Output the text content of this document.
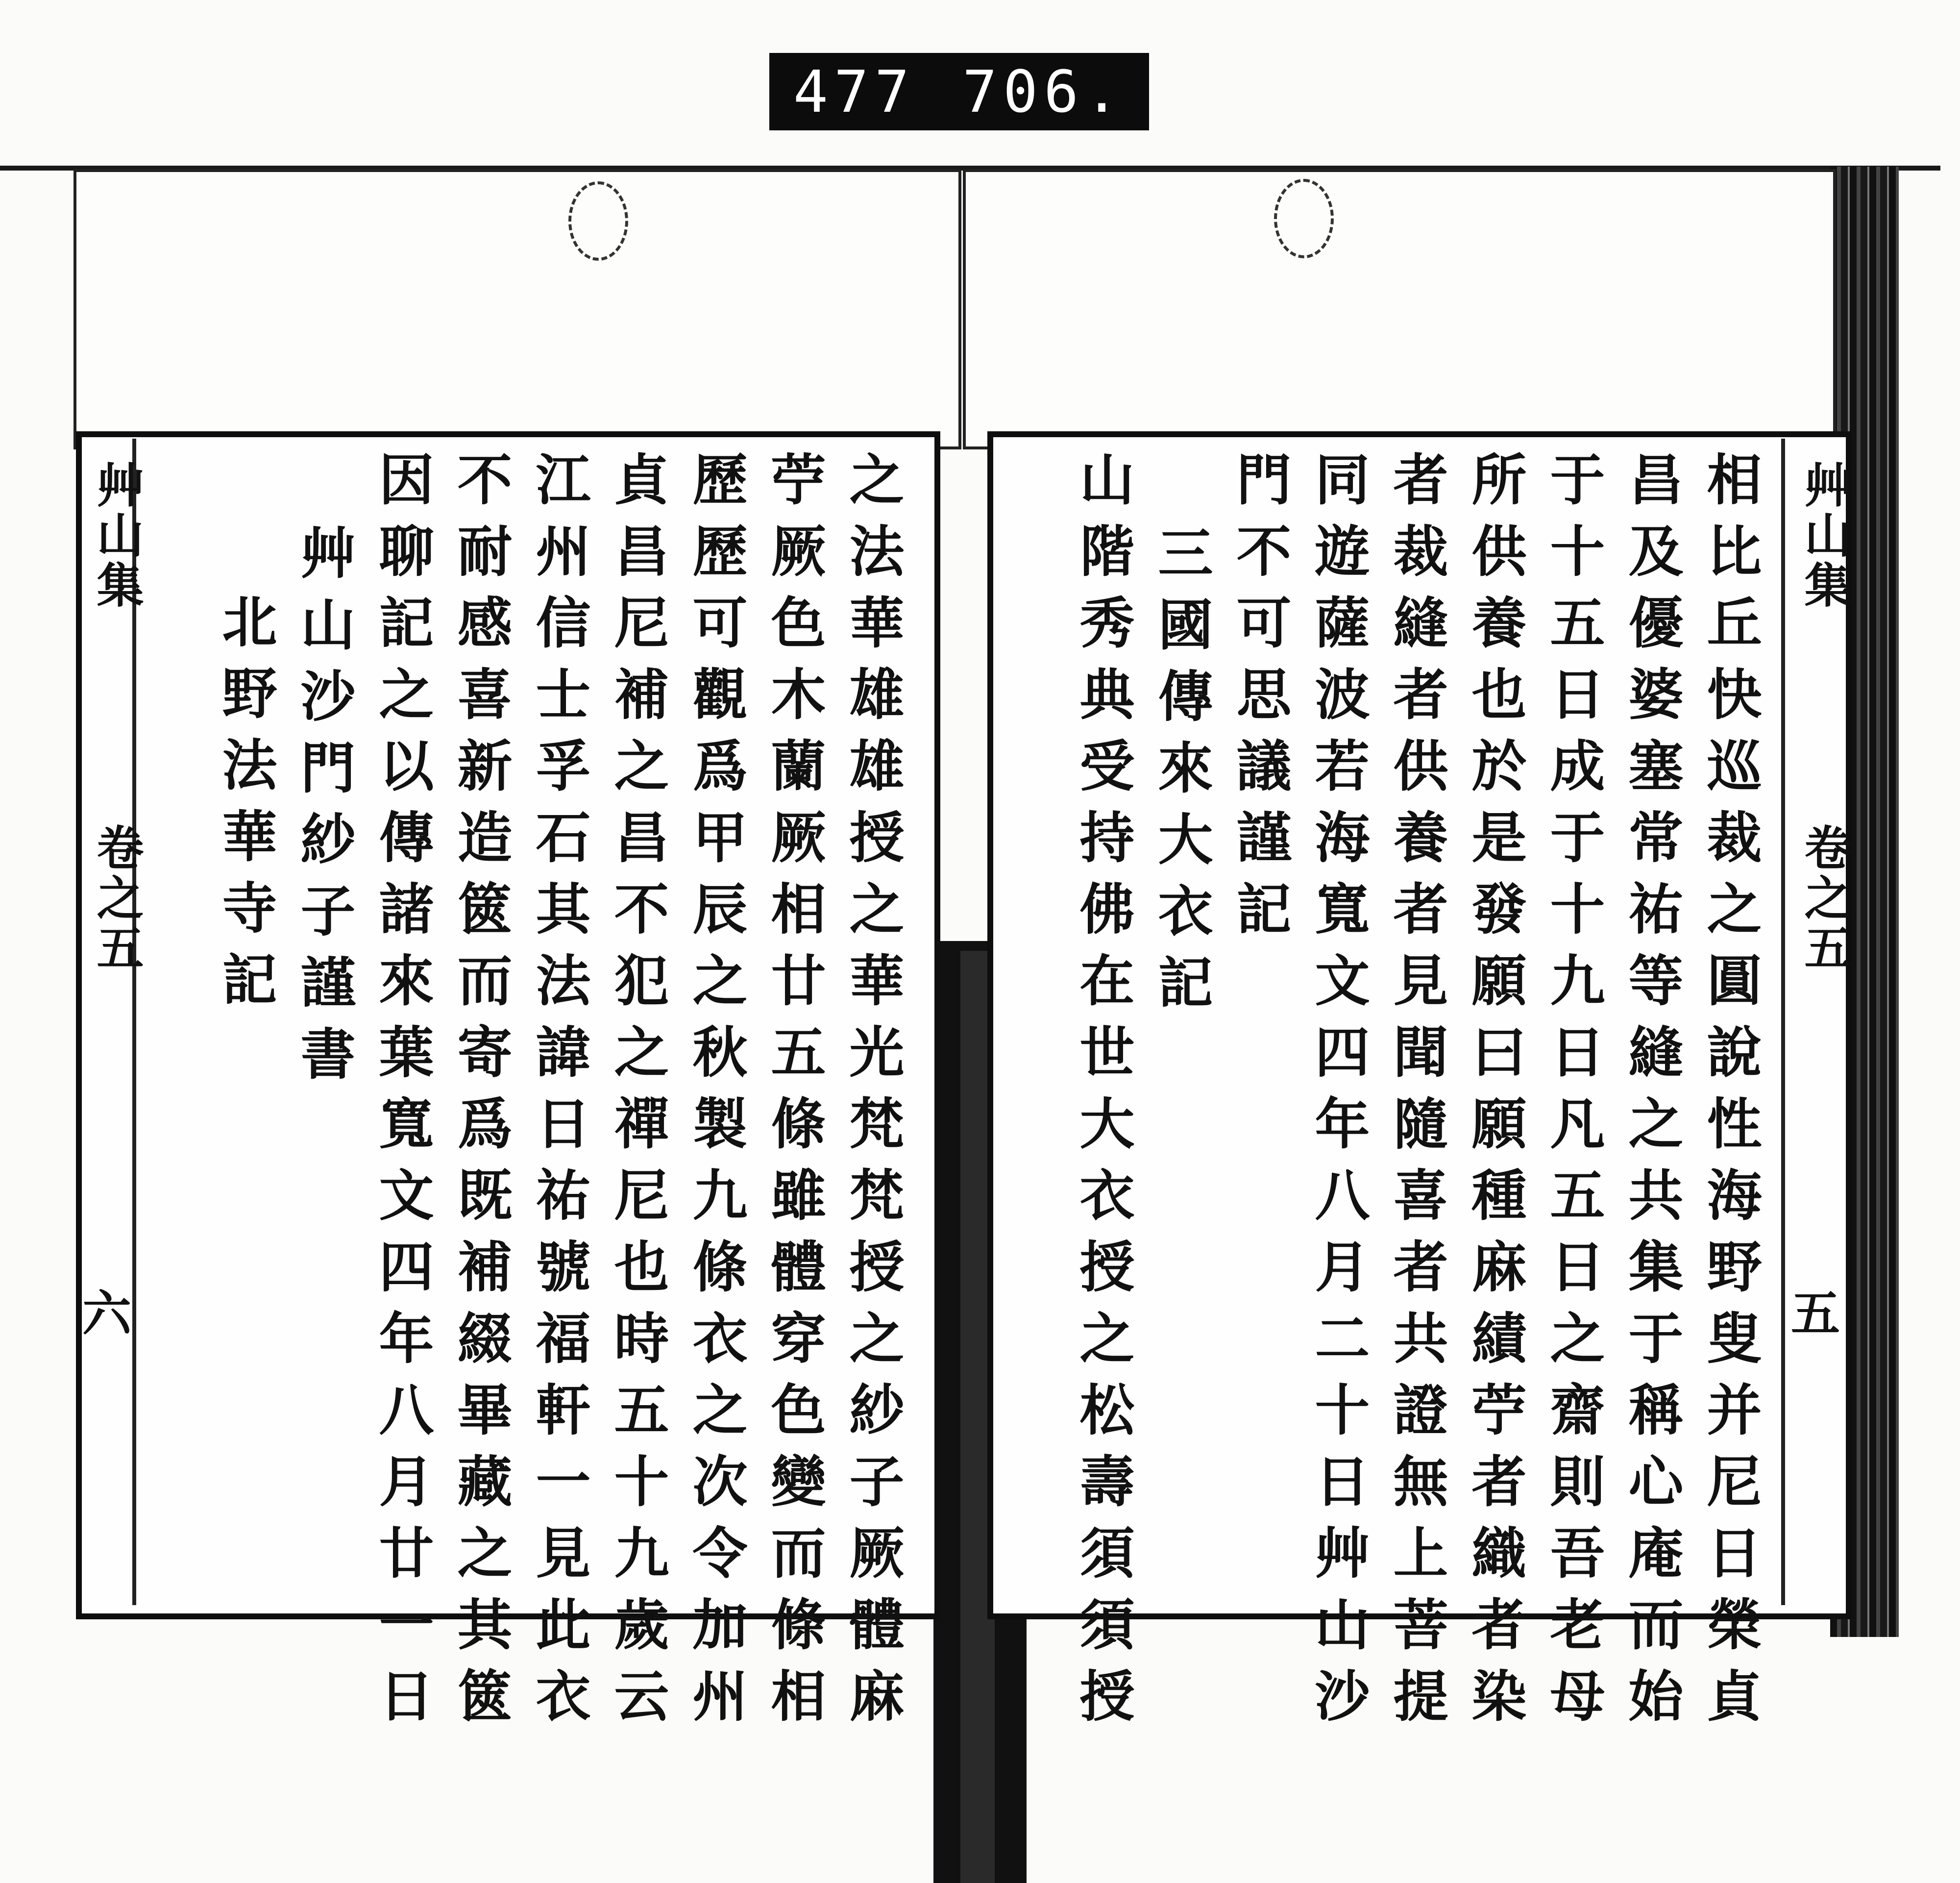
477 706.
艸山集
卷之五
六
艸山集
卷之五
五
相比丘快巡裁之圓說性海野叟并尼日榮貞
昌及優婆塞常祐等縫之共集于稱心庵而始
于十五日成于十九日凡五日之齋則吾老母
所供養也於是發願曰願種麻績苧者織者染
者裁縫者供養者見聞隨喜者共證無上菩提
同遊薩波若海寬文四年八月二十日艸山沙
門不可思議謹記
三國傳來大衣記
山階秀典受持佛在世大衣授之松壽須須授
之法華雄雄授之華光梵梵授之紗子厥體麻
苧厥色木蘭厥相廿五條雖體穿色變而條相
歷歷可觀爲甲辰之秋製九條衣之次令加州
貞昌尼補之昌不犯之禪尼也時五十九歲云
江州信士孚石其法諱日祐號福軒一見此衣
不耐感喜新造篋而寄爲既補綴畢藏之其篋
因聊記之以傳諸來葉寬文四年八月廿一日
艸山沙門紗子謹書
北野法華寺記
